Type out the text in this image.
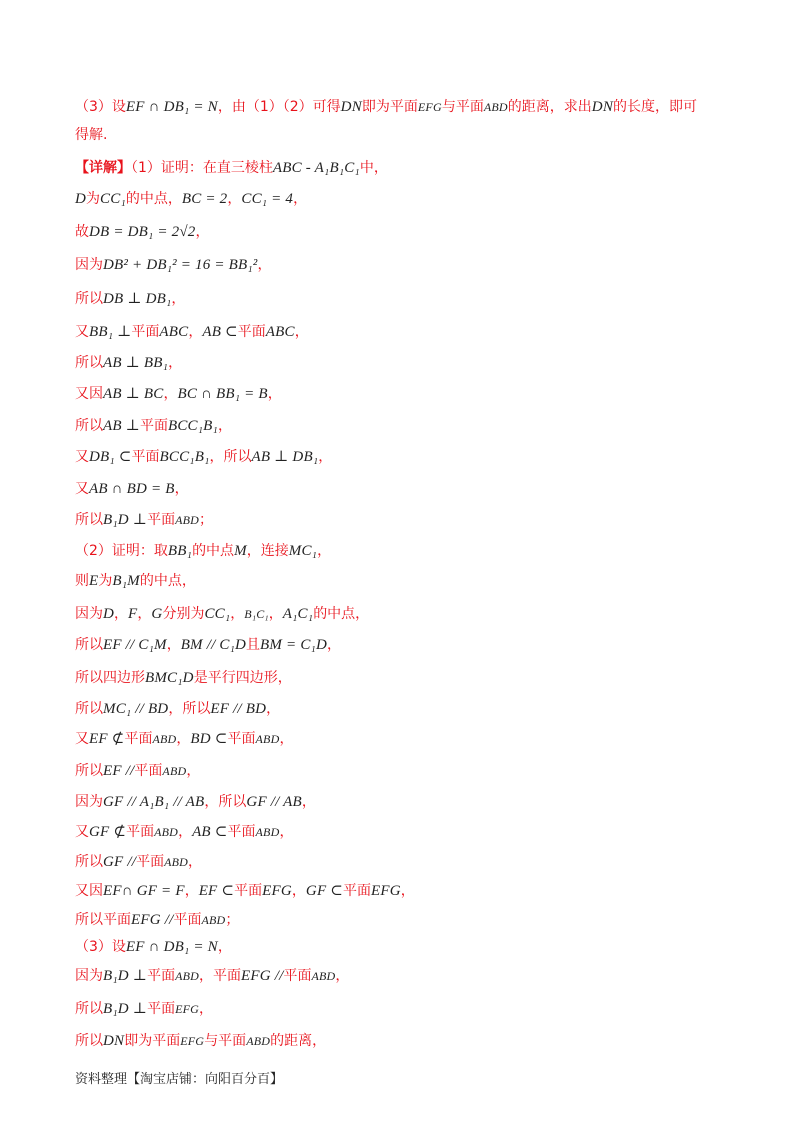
（3）设EF ∩ DB₁ = N，由（1）（2）可得DN即为平面EFG与平面ABD的距离，求出DN的长度，即可
得解.
【详解】（1）证明：在直三棱柱ABC - A₁B₁C₁中，
D为CC₁的中点，BC = 2，CC₁ = 4，
故DB = DB₁ = 2√2，
因为DB² + DB₁² = 16 = BB₁²，
所以DB ⊥ DB₁，
又BB₁ ⊥平面ABC，AB ⊂平面ABC，
所以AB ⊥ BB₁，
又因AB ⊥ BC，BC ∩ BB₁ = B，
所以AB ⊥平面BCC₁B₁，
又DB₁ ⊂平面BCC₁B₁，所以AB ⊥ DB₁，
又AB ∩ BD = B，
所以B₁D ⊥平面ABD；
（2）证明：取BB₁的中点M，连接MC₁，
则E为B₁M的中点，
因为D，F，G分别为CC₁，B₁C₁，A₁C₁的中点，
所以EF // C₁M，BM // C₁D且BM = C₁D，
所以四边形BMC₁D是平行四边形，
所以MC₁ // BD，所以EF // BD，
又EF ⊄平面ABD，BD ⊂平面ABD，
所以EF //平面ABD，
因为GF // A₁B₁ // AB，所以GF // AB，
又GF ⊄平面ABD，AB ⊂平面ABD，
所以GF //平面ABD，
又因EF∩ GF = F，EF ⊂平面EFG，GF ⊂平面EFG，
所以平面EFG //平面ABD；
（3）设EF ∩ DB₁ = N，
因为B₁D ⊥平面ABD，平面EFG //平面ABD，
所以B₁D ⊥平面EFG，
所以DN即为平面EFG与平面ABD的距离，
资料整理【淘宝店铺：向阳百分百】
